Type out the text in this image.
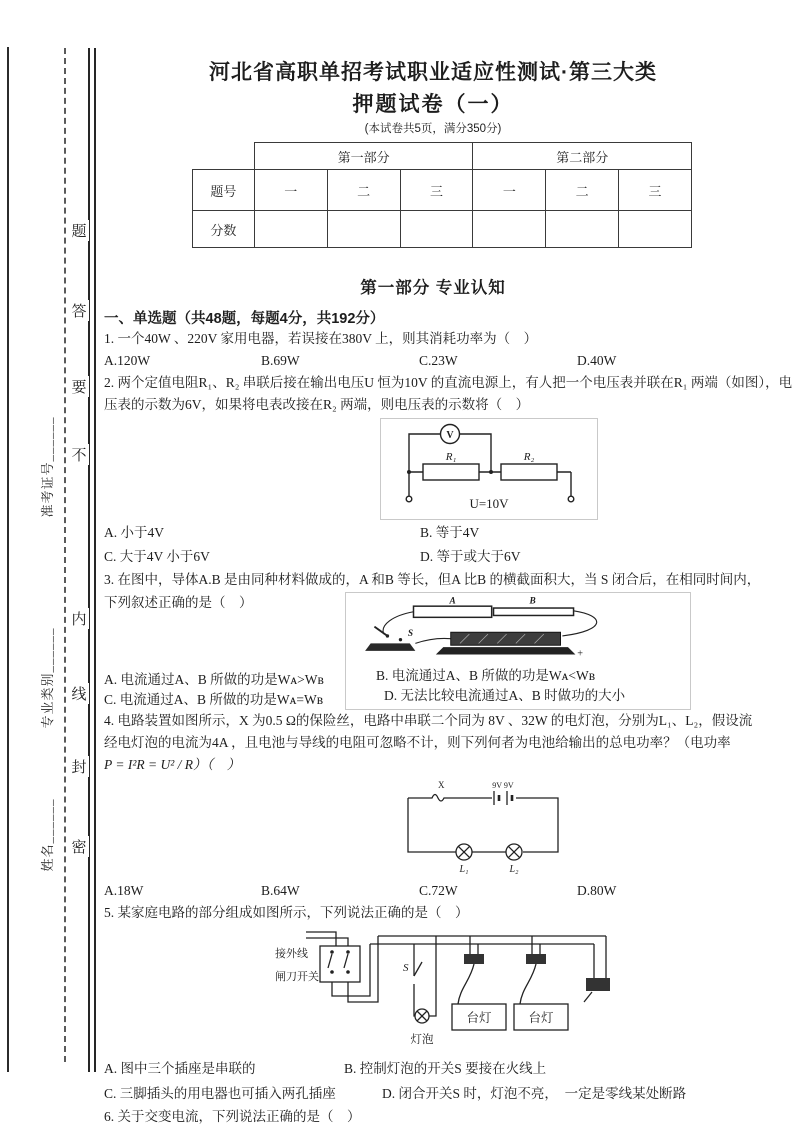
准考证号______
专业类别______
姓名______
题
答
要
不
内
线
封
密
河北省高职单招考试职业适应性测试·第三大类
押题试卷（一）
(本试卷共5页，满分350分)
	第一部分			第二部分		
题号	一	二	三	一	二	三
分数						
第一部分 专业认知
一、单选题（共48题，每题4分，共192分）
1. 一个40W 、220V 家用电器，若误接在380V 上，则其消耗功率为（　）
A.120W	B.69W	C.23W	D.40W
2. 两个定值电阻R₁、R₂ 串联后接在输出电压U 恒为10V 的直流电源上，有人把一个电压表并联在R₁ 两端（如图），电
压表的示数为6V，如果将电表改接在R₂ 两端，则电压表的示数将（　）
V
R₁	R₂
U=10V
A. 小于4V	B. 等于4V
C. 大于4V 小于6V	D. 等于或大于6V
3. 在图中，导体A.B 是由同种材料做成的，A 和B 等长，但A 比B 的横截面积大，当 S 闭合后，在相同时间内，
下列叙述正确的是（　）
A. 电流通过A、B 所做的功是Wᴀ>Wʙ
C. 电流通过A、B 所做的功是Wᴀ=Wʙ
A	B
S
+
B. 电流通过A、B 所做的功是Wᴀ<Wʙ
D. 无法比较电流通过A、B 时做功的大小
4. 电路装置如图所示，X 为0.5 Ω的保险丝，电路中串联二个同为 8V 、32W 的电灯泡，分别为L₁、L₂，假设流
经电灯泡的电流为4A ，且电池与导线的电阻可忽略不计，则下列何者为电池给输出的总电功率？（电功率
P = I²R = U² / R）（　）
X	9V 9V
L₁	L₂
A.18W	B.64W	C.72W	D.80W
5. 某家庭电路的部分组成如图所示，下列说法正确的是（　）
接外线
闸刀开关
S
灯泡
台灯	台灯
A. 图中三个插座是串联的	B. 控制灯泡的开关S 要接在火线上
C. 三脚插头的用电器也可插入两孔插座	D. 闭合开关S 时，灯泡不亮，　一定是零线某处断路
6. 关于交变电流，下列说法正确的是（　）
